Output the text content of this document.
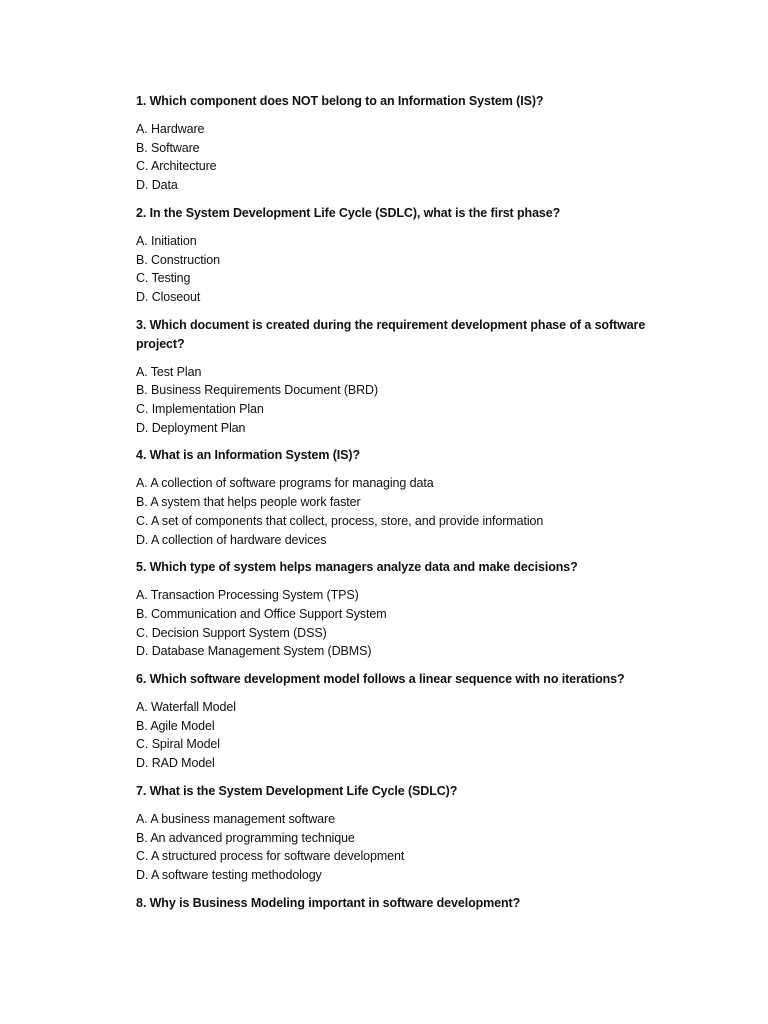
1. Which component does NOT belong to an Information System (IS)?

A. Hardware
B. Software
C. Architecture
D. Data

2. In the System Development Life Cycle (SDLC), what is the first phase?

A. Initiation
B. Construction
C. Testing
D. Closeout

3. Which document is created during the requirement development phase of a software project?

A. Test Plan
B. Business Requirements Document (BRD)
C. Implementation Plan
D. Deployment Plan

4. What is an Information System (IS)?

A. A collection of software programs for managing data
B. A system that helps people work faster
C. A set of components that collect, process, store, and provide information
D. A collection of hardware devices

5. Which type of system helps managers analyze data and make decisions?

A. Transaction Processing System (TPS)
B. Communication and Office Support System
C. Decision Support System (DSS)
D. Database Management System (DBMS)

6. Which software development model follows a linear sequence with no iterations?

A. Waterfall Model
B. Agile Model
C. Spiral Model
D. RAD Model

7. What is the System Development Life Cycle (SDLC)?

A. A business management software
B. An advanced programming technique
C. A structured process for software development
D. A software testing methodology

8. Why is Business Modeling important in software development?
